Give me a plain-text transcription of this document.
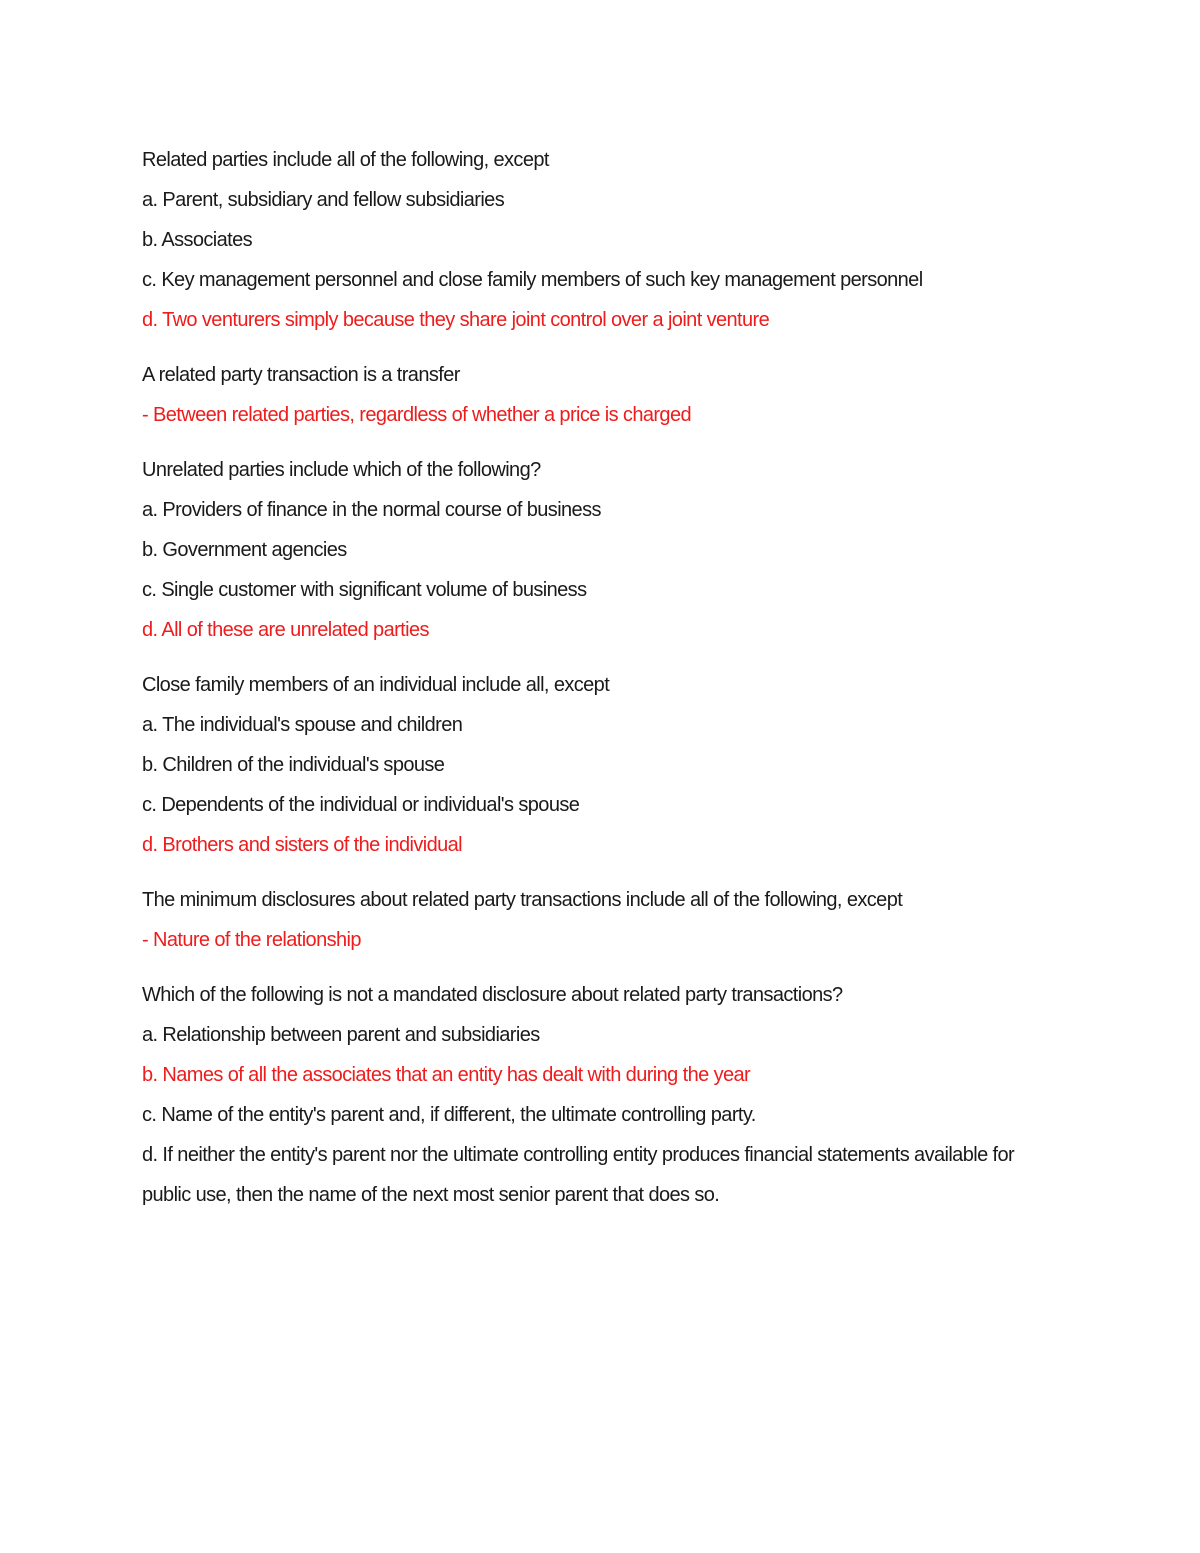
Related parties include all of the following, except
a. Parent, subsidiary and fellow subsidiaries
b. Associates
c. Key management personnel and close family members of such key management personnel
d. Two venturers simply because they share joint control over a joint venture
A related party transaction is a transfer
- Between related parties, regardless of whether a price is charged
Unrelated parties include which of the following?
a. Providers of finance in the normal course of business
b. Government agencies
c. Single customer with significant volume of business
d. All of these are unrelated parties
Close family members of an individual include all, except
a. The individual's spouse and children
b. Children of the individual's spouse
c. Dependents of the individual or individual's spouse
d. Brothers and sisters of the individual
The minimum disclosures about related party transactions include all of the following, except
- Nature of the relationship
Which of the following is not a mandated disclosure about related party transactions?
a. Relationship between parent and subsidiaries
b. Names of all the associates that an entity has dealt with during the year
c. Name of the entity's parent and, if different, the ultimate controlling party.
d. If neither the entity's parent nor the ultimate controlling entity produces financial statements available for public use, then the name of the next most senior parent that does so.
